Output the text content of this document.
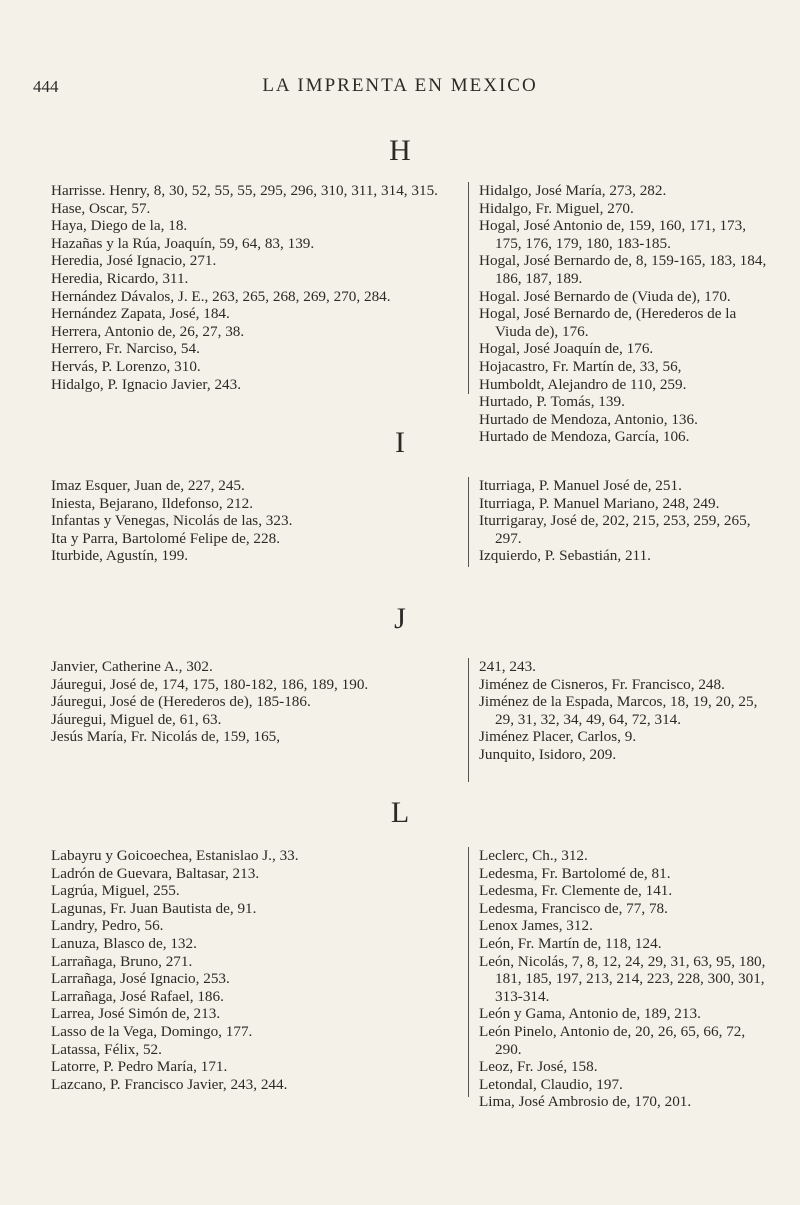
444	LA IMPRENTA EN MEXICO
H

Harrisse. Henry, 8, 30, 52, 55, 55, 295, 296, 310, 311, 314, 315.

Hase, Oscar, 57.

Haya, Diego de la, 18.

Hazañas y la Rúa, Joaquín, 59, 64, 83, 139.

Heredia, José Ignacio, 271.

Heredia, Ricardo, 311.

Hernández Dávalos, J. E., 263, 265, 268, 269, 270, 284.

Hernández Zapata, José, 184.

Herrera, Antonio de, 26, 27, 38.

Herrero, Fr. Narciso, 54.

Hervás, P. Lorenzo, 310.

Hidalgo, P. Ignacio Javier, 243.

Hidalgo, José María, 273, 282.

Hidalgo, Fr. Miguel, 270.

Hogal, José Antonio de, 159, 160, 171, 173, 175, 176, 179, 180, 183-185.

Hogal, José Bernardo de, 8, 159-165, 183, 184, 186, 187, 189.

Hogal. José Bernardo de (Viuda de), 170.

Hogal, José Bernardo de, (Herederos de la Viuda de), 176.

Hogal, José Joaquín de, 176.

Hojacastro, Fr. Martín de, 33, 56,

Humboldt, Alejandro de 110, 259.

Hurtado, P. Tomás, 139.

Hurtado de Mendoza, Antonio, 136.

Hurtado de Mendoza, García, 106.

I

Imaz Esquer, Juan de, 227, 245.

Iniesta, Bejarano, Ildefonso, 212.

Infantas y Venegas, Nicolás de las, 323.

Ita y Parra, Bartolomé Felipe de, 228.

Iturbide, Agustín, 199.

Iturriaga, P. Manuel José de, 251.

Iturriaga, P. Manuel Mariano, 248, 249.

Iturrigaray, José de, 202, 215, 253, 259, 265, 297.

Izquierdo, P. Sebastián, 211.

J

Janvier, Catherine A., 302.

Jáuregui, José de, 174, 175, 180-182, 186, 189, 190.

Jáuregui, José de (Herederos de), 185-186.

Jáuregui, Miguel de, 61, 63.

Jesús María, Fr. Nicolás de, 159, 165,

241, 243.

Jiménez de Cisneros, Fr. Francisco, 248.

Jiménez de la Espada, Marcos, 18, 19, 20, 25, 29, 31, 32, 34, 49, 64, 72, 314.

Jiménez Placer, Carlos, 9.

Junquito, Isidoro, 209.

L

Labayru y Goicoechea, Estanislao J., 33.

Ladrón de Guevara, Baltasar, 213.

Lagrúa, Miguel, 255.

Lagunas, Fr. Juan Bautista de, 91.

Landry, Pedro, 56.

Lanuza, Blasco de, 132.

Larrañaga, Bruno, 271.

Larrañaga, José Ignacio, 253.

Larrañaga, José Rafael, 186.

Larrea, José Simón de, 213.

Lasso de la Vega, Domingo, 177.

Latassa, Félix, 52.

Latorre, P. Pedro María, 171.

Lazcano, P. Francisco Javier, 243, 244.

Leclerc, Ch., 312.

Ledesma, Fr. Bartolomé de, 81.

Ledesma, Fr. Clemente de, 141.

Ledesma, Francisco de, 77, 78.

Lenox James, 312.

León, Fr. Martín de, 118, 124.

León, Nicolás, 7, 8, 12, 24, 29, 31, 63, 95, 180, 181, 185, 197, 213, 214, 223, 228, 300, 301, 313-314.

León y Gama, Antonio de, 189, 213.

León Pinelo, Antonio de, 20, 26, 65, 66, 72, 290.

Leoz, Fr. José, 158.

Letondal, Claudio, 197.

Lima, José Ambrosio de, 170, 201.
